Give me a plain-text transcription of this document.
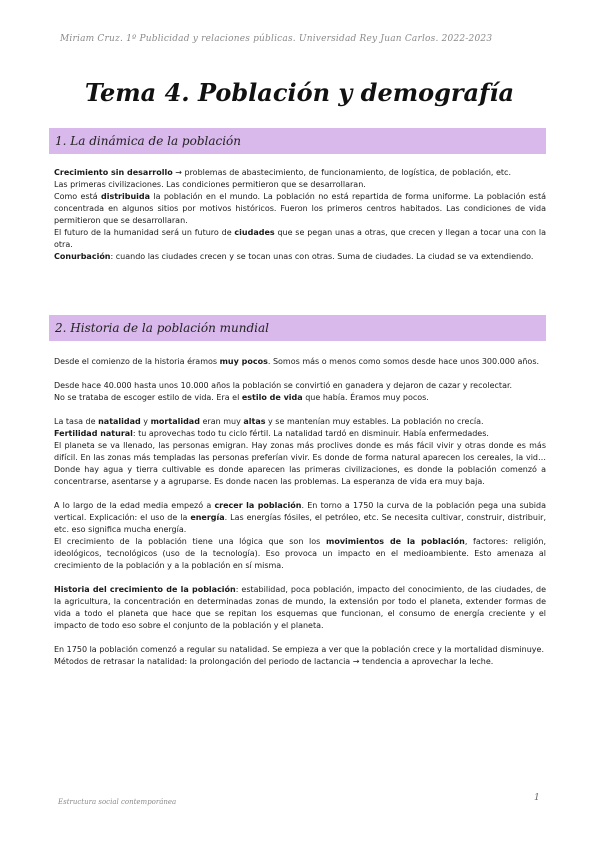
Miriam Cruz. 1º Publicidad y relaciones públicas. Universidad Rey Juan Carlos. 2022-2023
Tema 4. Población y demografía
1. La dinámica de la población

Crecimiento sin desarrollo → problemas de abastecimiento, de funcionamiento, de logística, de población, etc.

Las primeras civilizaciones. Las condiciones permitieron que se desarrollaran.

Como está distribuida la población en el mundo. La población no está repartida de forma uniforme. La población está concentrada en algunos sitios por motivos históricos. Fueron los primeros centros habitados. Las condiciones de vida permitieron que se desarrollaran.

El futuro de la humanidad será un futuro de ciudades que se pegan unas a otras, que crecen y llegan a tocar una con la otra.

Conurbación: cuando las ciudades crecen y se tocan unas con otras. Suma de ciudades. La ciudad se va extendiendo.

2. Historia de la población mundial

Desde el comienzo de la historia éramos muy pocos. Somos más o menos como somos desde hace unos 300.000 años.

Desde hace 40.000 hasta unos 10.000 años la población se convirtió en ganadera y dejaron de cazar y recolectar.

No se trataba de escoger estilo de vida. Era el estilo de vida que había. Éramos muy pocos.

La tasa de natalidad y mortalidad eran muy altas y se mantenían muy estables. La población no crecía.

Fertilidad natural: tu aprovechas todo tu ciclo fértil. La natalidad tardó en disminuir. Había enfermedades.

El planeta se va llenado, las personas emigran. Hay zonas más proclives donde es más fácil vivir y otras donde es más difícil. En las zonas más templadas las personas preferían vivir. Es donde de forma natural aparecen los cereales, la vid… Donde hay agua y tierra cultivable es donde aparecen las primeras civilizaciones, es donde la población comenzó a concentrarse, asentarse y a agruparse. Es donde nacen las problemas. La esperanza de vida era muy baja.

A lo largo de la edad media empezó a crecer la población. En torno a 1750 la curva de la población pega una subida vertical. Explicación: el uso de la energía. Las energías fósiles, el petróleo, etc. Se necesita cultivar, construir, distribuir, etc. eso significa mucha energía.

El crecimiento de la población tiene una lógica que son los movimientos de la población, factores: religión, ideológicos, tecnológicos (uso de la tecnología). Eso provoca un impacto en el medioambiente. Esto amenaza al crecimiento de la población y a la población en sí misma.

Historia del crecimiento de la población: estabilidad, poca población, impacto del conocimiento, de las ciudades, de la agricultura, la concentración en determinadas zonas de mundo, la extensión por todo el planeta, extender formas de vida a todo el planeta que hace que se repitan los esquemas que funcionan, el consumo de energía creciente y el impacto de todo eso sobre el conjunto de la población y el planeta.

En 1750 la población comenzó a regular su natalidad. Se empieza a ver que la población crece y la mortalidad disminuye.

Métodos de retrasar la natalidad: la prolongación del periodo de lactancia → tendencia a aprovechar la leche.

Estructura social contemporánea	1
